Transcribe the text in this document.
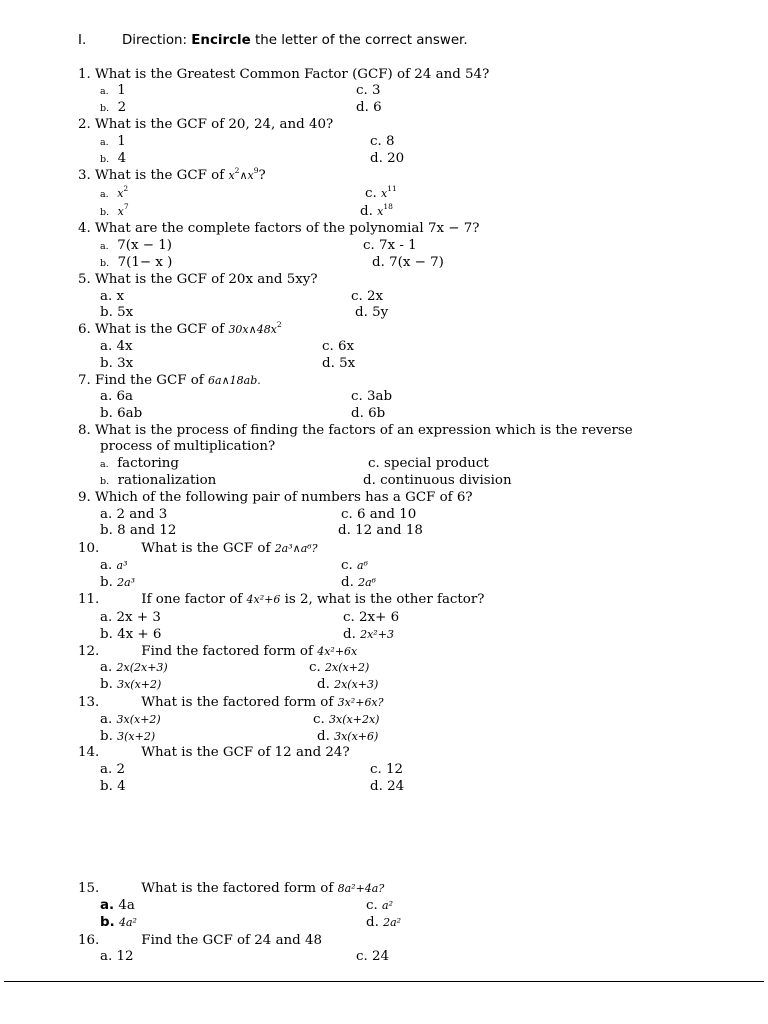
I.	Direction: Encircle the letter of the correct answer.
1. What is the Greatest Common Factor (GCF) of 24 and 54?
a. 1
b. 2
c. 3
d. 6
2. What is the GCF of 20, 24, and 40?
a. 1
b. 4
c. 8
d. 20
3. What is the GCF of $x^2\wedge x^9$?
a. $x^2$
b. $x^7$
c. $x^{11}$
d. $x^{18}$
4. What are the complete factors of the polynomial 7x − 7?
a. 7(x − 1)
b. 7(1− x )
c. 7x - 1
d. 7(x − 7)
5. What is the GCF of 20x and 5xy?
a. x
b. 5x
c. 2x
d. 5y
6. What is the GCF of $30x\wedge 48x^2$
a. 4x
b. 3x
c. 6x
d. 5x
7. Find the GCF of 6a∧18ab.
a. 6a
b. 6ab
c. 3ab
d. 6b
8. What is the process of finding the factors of an expression which is the reverse
process of multiplication?
a. factoring
b. rationalization
c. special product
d. continuous division
9. Which of the following pair of numbers has a GCF of 6?
a. 2 and 3
b. 8 and 12
c. 6 and 10
d. 12 and 18
10.	What is the GCF of 2a³∧a⁶?
a. a³
b. 2a³
c. a⁶
d. 2a⁶
11.	If one factor of 4x²+6 is 2, what is the other factor?
a. 2x + 3
b. 4x + 6
c. 2x+ 6
d. 2x²+3
12.	Find the factored form of 4x²+6x
a. 2x(2x+3)
b. 3x(x+2)
c. 2x(x+2)
d. 2x(x+3)
13.	What is the factored form of 3x²+6x?
a. 3x(x+2)
b. 3(x+2)
c. 3x(x+2x)
d. 3x(x+6)
14.	What is the GCF of 12 and 24?
a. 2
b. 4
c. 12
d. 24
15.	What is the factored form of 8a²+4a?
a. 4a
b. 4a²
c. a²
d. 2a²
16.	Find the GCF of 24 and 48
a. 12	c. 24
